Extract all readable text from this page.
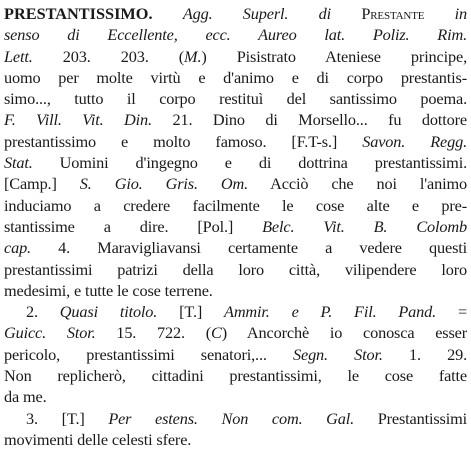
PRESTANTISSIMO. Agg. Superl. di Prestante in
senso di Eccellente, ecc. Aureo lat. Poliz. Rim.
Lett. 203. 203. (M.) Pisistrato Ateniese principe,
uomo per molte virtù e d'animo e di corpo prestantis-
simo..., tutto il corpo restituì del santissimo poema.
F. Vill. Vit. Din. 21. Dino di Morsello... fu dottore
prestantissimo e molto famoso. [F.T-s.] Savon. Regg.
Stat. Uomini d'ingegno e di dottrina prestantissimi.
[Camp.] S. Gio. Gris. Om. Acciò che noi l'animo
induciamo a credere facilmente le cose alte e pre-
stantissime a dire. [Pol.] Belc. Vit. B. Colomb
cap. 4. Maravigliavansi certamente a vedere questi
prestantissimi patrizi della loro città, vilipendere loro
medesimi, e tutte le cose terrene.
2. Quasi titolo. [T.] Ammir. e P. Fil. Pand. =
Guicc. Stor. 15. 722. (C) Ancorchè io conosca esser
pericolo, prestantissimi senatori,... Segn. Stor. 1. 29.
Non replicherò, cittadini prestantissimi, le cose fatte
da me.
3. [T.] Per estens. Non com. Gal. Prestantissimi
movimenti delle celesti sfere.
